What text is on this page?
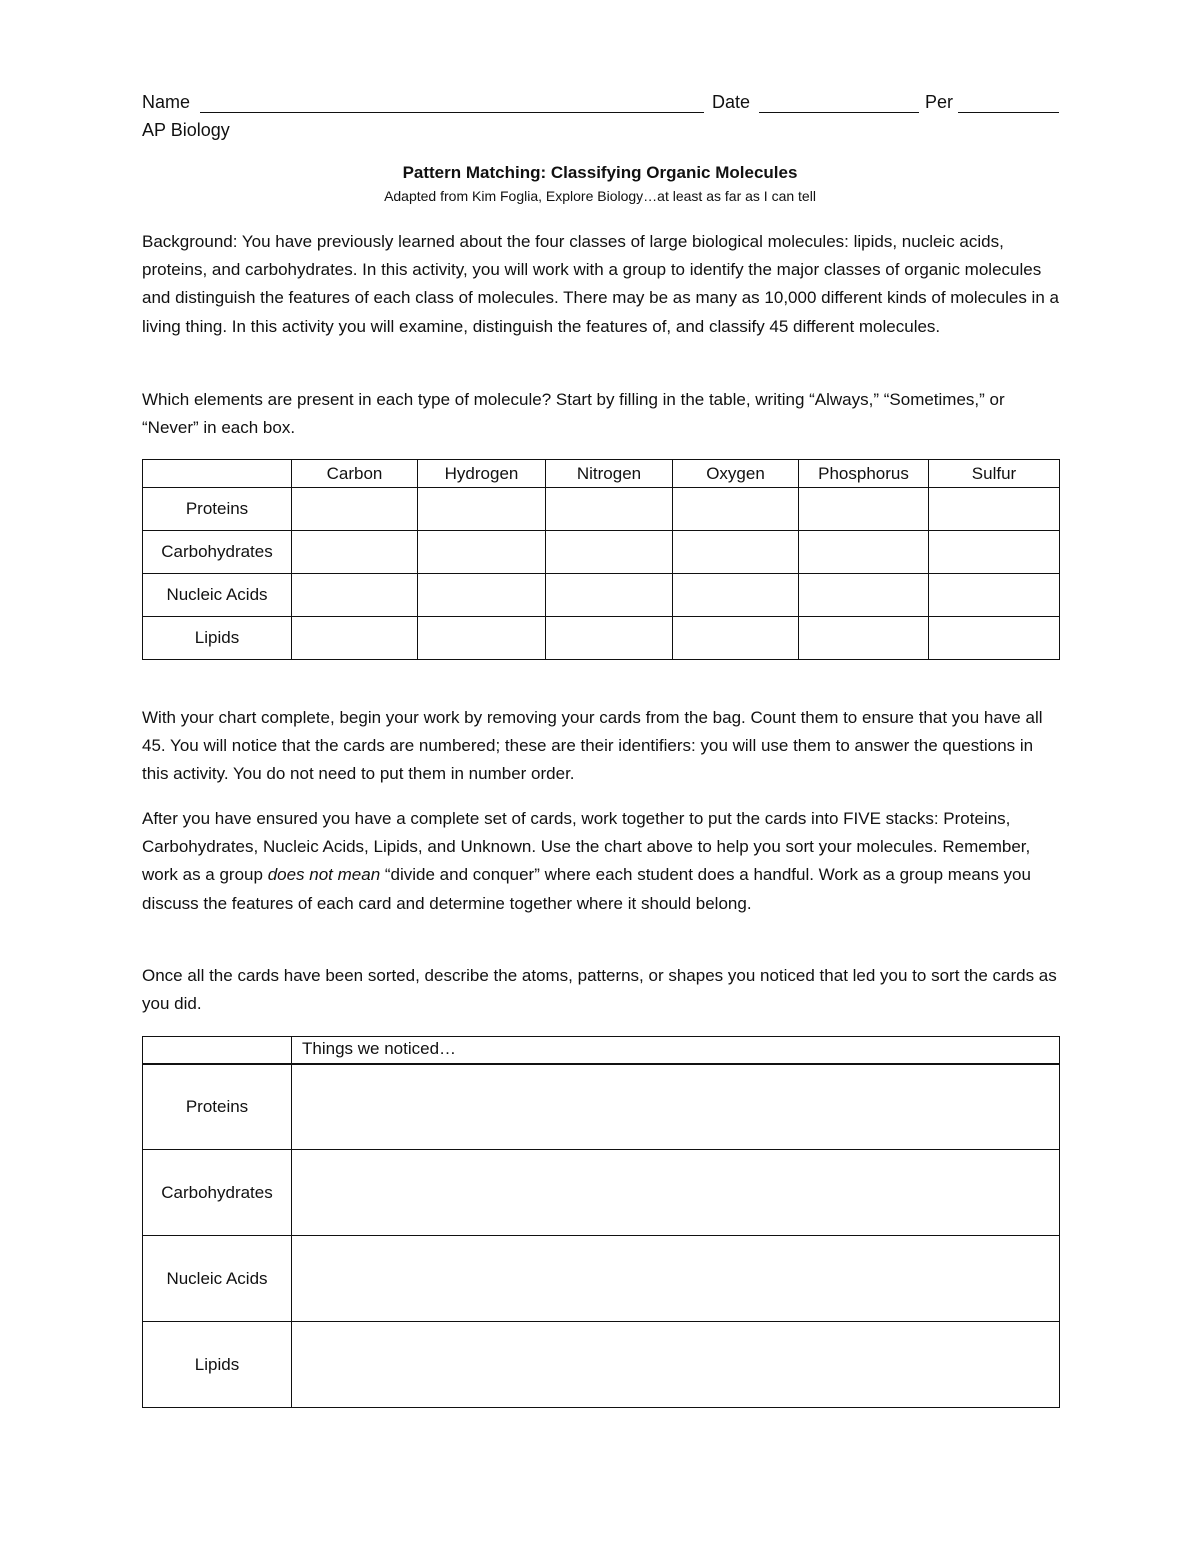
Name	Date	Per
AP Biology
Pattern Matching: Classifying Organic Molecules
Adapted from Kim Foglia, Explore Biology…at least as far as I can tell

Background: You have previously learned about the four classes of large biological molecules: lipids, nucleic acids, proteins, and carbohydrates. In this activity, you will work with a group to identify the major classes of organic molecules and distinguish the features of each class of molecules. There may be as many as 10,000 different kinds of molecules in a living thing. In this activity you will examine, distinguish the features of, and classify 45 different molecules.

Which elements are present in each type of molecule? Start by filling in the table, writing “Always,” “Sometimes,” or “Never” in each box.

	Carbon	Hydrogen	Nitrogen	Oxygen	Phosphorus	Sulfur
Proteins						
Carbohydrates						
Nucleic Acids						
Lipids						

With your chart complete, begin your work by removing your cards from the bag. Count them to ensure that you have all 45. You will notice that the cards are numbered; these are their identifiers: you will use them to answer the questions in this activity. You do not need to put them in number order.

After you have ensured you have a complete set of cards, work together to put the cards into FIVE stacks: Proteins, Carbohydrates, Nucleic Acids, Lipids, and Unknown. Use the chart above to help you sort your molecules. Remember, work as a group does not mean “divide and conquer” where each student does a handful. Work as a group means you discuss the features of each card and determine together where it should belong.

Once all the cards have been sorted, describe the atoms, patterns, or shapes you noticed that led you to sort the cards as you did.

	Things we noticed…
Proteins	
Carbohydrates	
Nucleic Acids	
Lipids	
